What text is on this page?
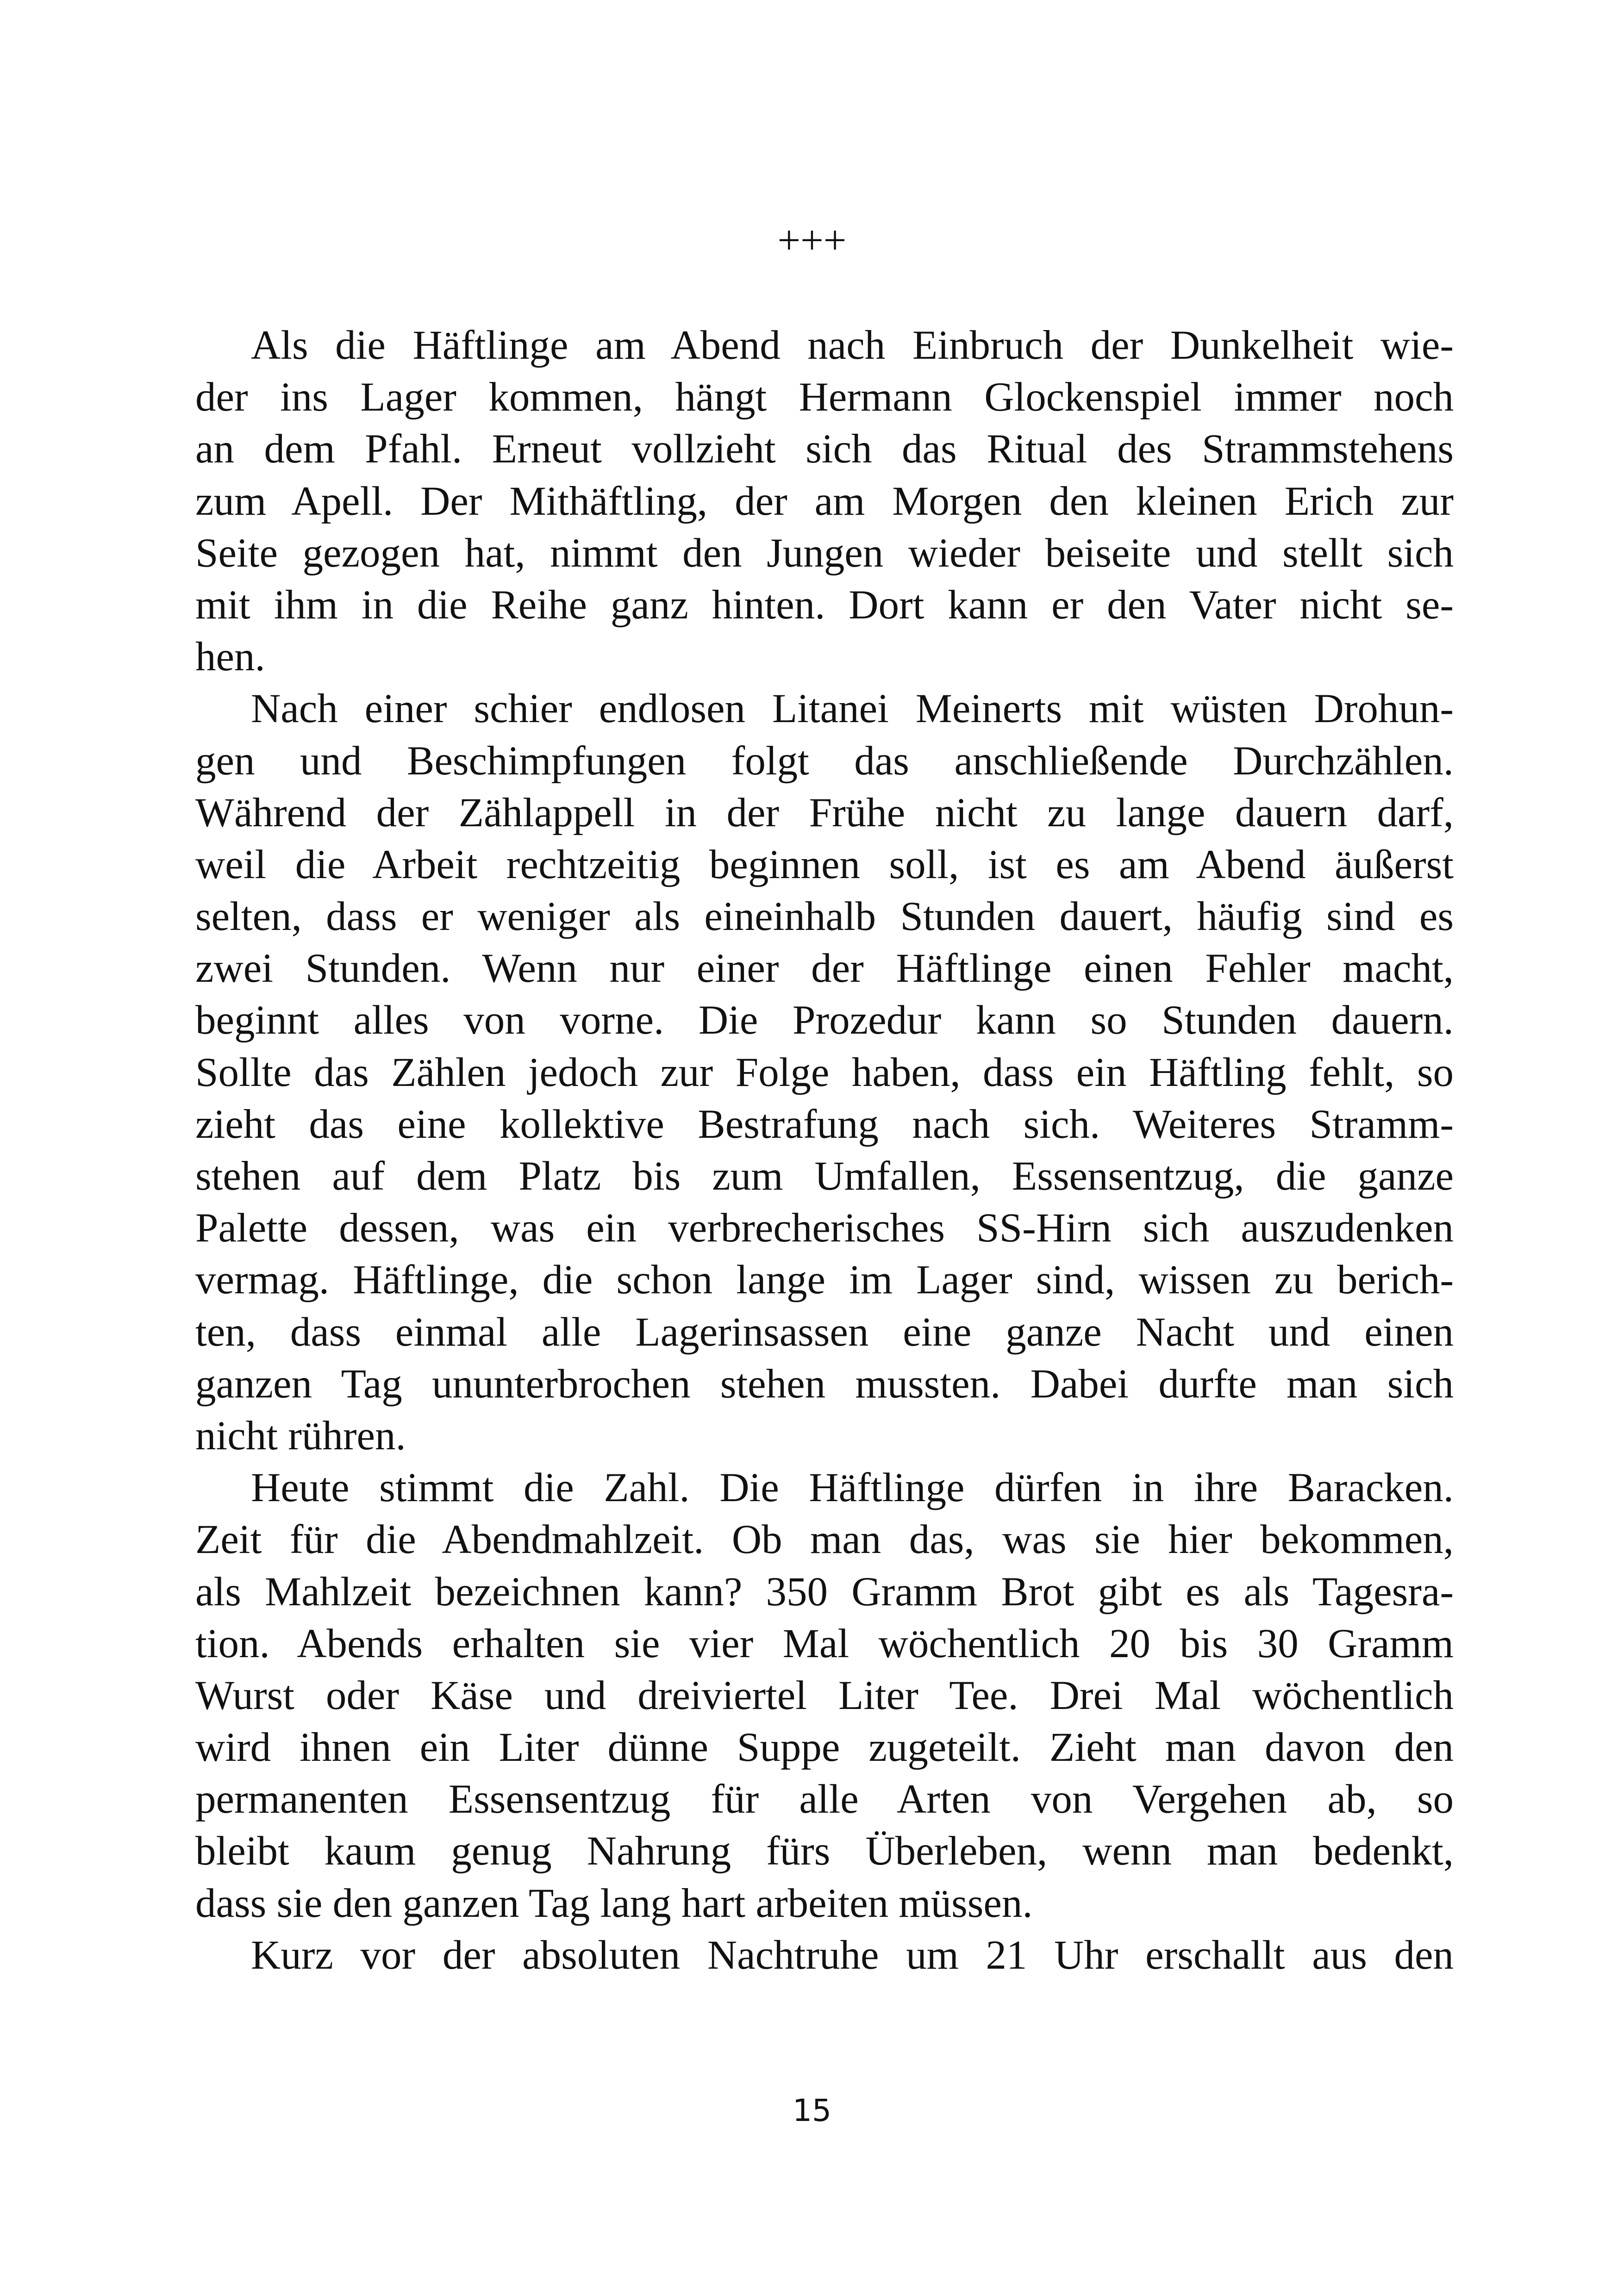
+++
Als die Häftlinge am Abend nach Einbruch der Dunkelheit wie-
der ins Lager kommen, hängt Hermann Glockenspiel immer noch
an dem Pfahl. Erneut vollzieht sich das Ritual des Strammstehens
zum Apell. Der Mithäftling, der am Morgen den kleinen Erich zur
Seite gezogen hat, nimmt den Jungen wieder beiseite und stellt sich
mit ihm in die Reihe ganz hinten. Dort kann er den Vater nicht se-
hen.
Nach einer schier endlosen Litanei Meinerts mit wüsten Drohun-
gen und Beschimpfungen folgt das anschließende Durchzählen.
Während der Zählappell in der Frühe nicht zu lange dauern darf,
weil die Arbeit rechtzeitig beginnen soll, ist es am Abend äußerst
selten, dass er weniger als eineinhalb Stunden dauert, häufig sind es
zwei Stunden. Wenn nur einer der Häftlinge einen Fehler macht,
beginnt alles von vorne. Die Prozedur kann so Stunden dauern.
Sollte das Zählen jedoch zur Folge haben, dass ein Häftling fehlt, so
zieht das eine kollektive Bestrafung nach sich. Weiteres Stramm-
stehen auf dem Platz bis zum Umfallen, Essensentzug, die ganze
Palette dessen, was ein verbrecherisches SS-Hirn sich auszudenken
vermag. Häftlinge, die schon lange im Lager sind, wissen zu berich-
ten, dass einmal alle Lagerinsassen eine ganze Nacht und einen
ganzen Tag ununterbrochen stehen mussten. Dabei durfte man sich
nicht rühren.
Heute stimmt die Zahl. Die Häftlinge dürfen in ihre Baracken.
Zeit für die Abendmahlzeit. Ob man das, was sie hier bekommen,
als Mahlzeit bezeichnen kann? 350 Gramm Brot gibt es als Tagesra-
tion. Abends erhalten sie vier Mal wöchentlich 20 bis 30 Gramm
Wurst oder Käse und dreiviertel Liter Tee. Drei Mal wöchentlich
wird ihnen ein Liter dünne Suppe zugeteilt. Zieht man davon den
permanenten Essensentzug für alle Arten von Vergehen ab, so
bleibt kaum genug Nahrung fürs Überleben, wenn man bedenkt,
dass sie den ganzen Tag lang hart arbeiten müssen.
Kurz vor der absoluten Nachtruhe um 21 Uhr erschallt aus den
15
